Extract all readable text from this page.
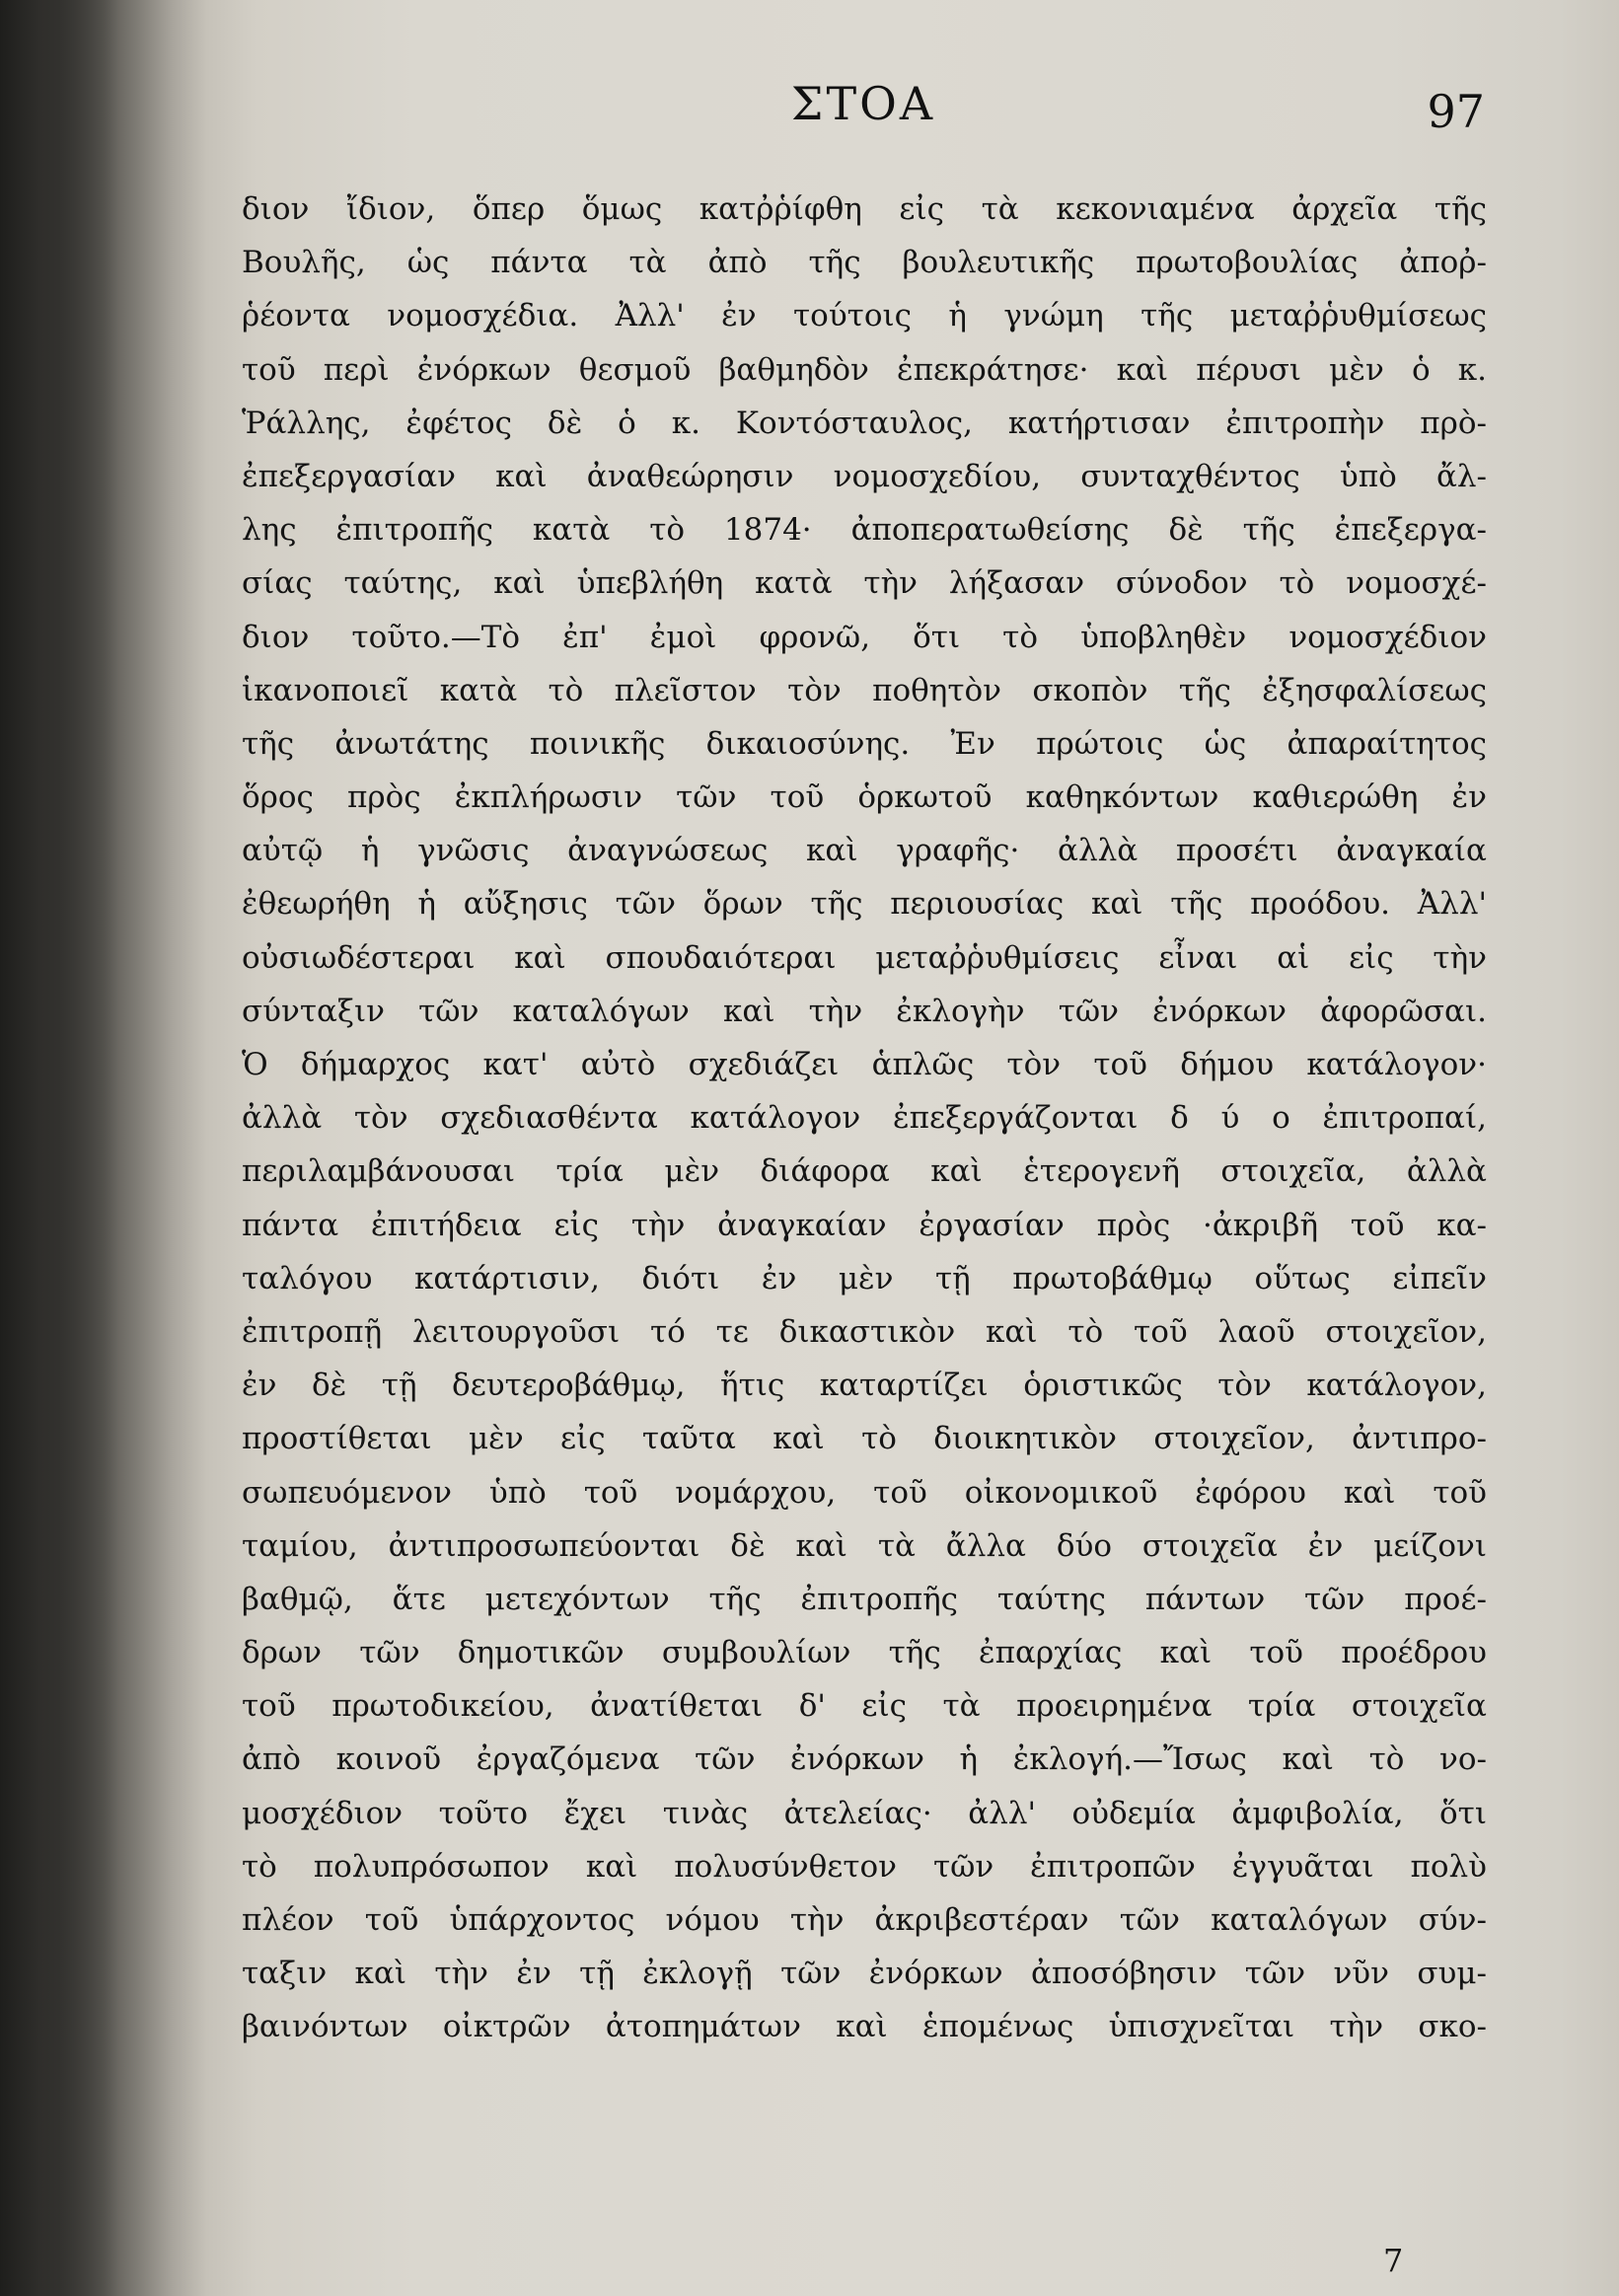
ΣΤΟΑ	97
διον ἴδιον, ὅπερ ὅμως κατῤῥίφθη εἰς τὰ κεκονιαμένα ἀρχεῖα τῆς
Βουλῆς, ὡς πάντα τὰ ἀπὸ τῆς βουλευτικῆς πρωτοβουλίας ἀποῤ-
ῥέοντα νομοσχέδια. Ἀλλ' ἐν τούτοις ἡ γνώμη τῆς μεταῤῥυθμίσεως
τοῦ περὶ ἐνόρκων θεσμοῦ βαθμηδὸν ἐπεκράτησε· καὶ πέρυσι μὲν ὁ κ.
Ῥάλλης, ἐφέτος δὲ ὁ κ. Κοντόσταυλος, κατήρτισαν ἐπιτροπὴν πρὸ-
ἐπεξεργασίαν καὶ ἀναθεώρησιν νομοσχεδίου, συνταχθέντος ὑπὸ ἄλ-
λης ἐπιτροπῆς κατὰ τὸ 1874· ἀποπερατωθείσης δὲ τῆς ἐπεξεργα-
σίας ταύτης, καὶ ὑπεβλήθη κατὰ τὴν λήξασαν σύνοδον τὸ νομοσχέ-
διον τοῦτο.—Τὸ ἐπ' ἐμοὶ φρονῶ, ὅτι τὸ ὑποβληθὲν νομοσχέδιον
ἱκανοποιεῖ κατὰ τὸ πλεῖστον τὸν ποθητὸν σκοπὸν τῆς ἐξησφαλίσεως
τῆς ἀνωτάτης ποινικῆς δικαιοσύνης. Ἐν πρώτοις ὡς ἀπαραίτητος
ὅρος πρὸς ἐκπλήρωσιν τῶν τοῦ ὁρκωτοῦ καθηκόντων καθιερώθη ἐν
αὐτῷ ἡ γνῶσις ἀναγνώσεως καὶ γραφῆς· ἀλλὰ προσέτι ἀναγκαία
ἐθεωρήθη ἡ αὔξησις τῶν ὅρων τῆς περιουσίας καὶ τῆς προόδου. Ἀλλ'
οὐσιωδέστεραι καὶ σπουδαιότεραι μεταῤῥυθμίσεις εἶναι αἱ εἰς τὴν
σύνταξιν τῶν καταλόγων καὶ τὴν ἐκλογὴν τῶν ἐνόρκων ἀφορῶσαι.
Ὁ δήμαρχος κατ' αὐτὸ σχεδιάζει ἁπλῶς τὸν τοῦ δήμου κατάλογον·
ἀλλὰ τὸν σχεδιασθέντα κατάλογον ἐπεξεργάζονται δ ύ ο ἐπιτροπαί,
περιλαμβάνουσαι τρία μὲν διάφορα καὶ ἑτερογενῆ στοιχεῖα, ἀλλὰ
πάντα ἐπιτήδεια εἰς τὴν ἀναγκαίαν ἐργασίαν πρὸς ·ἀκριβῆ τοῦ κα-
ταλόγου κατάρτισιν, διότι ἐν μὲν τῇ πρωτοβάθμῳ οὕτως εἰπεῖν
ἐπιτροπῇ λειτουργοῦσι τό τε δικαστικὸν καὶ τὸ τοῦ λαοῦ στοιχεῖον,
ἐν δὲ τῇ δευτεροβάθμῳ, ἥτις καταρτίζει ὁριστικῶς τὸν κατάλογον,
προστίθεται μὲν εἰς ταῦτα καὶ τὸ διοικητικὸν στοιχεῖον, ἀντιπρο-
σωπευόμενον ὑπὸ τοῦ νομάρχου, τοῦ οἰκονομικοῦ ἐφόρου καὶ τοῦ
ταμίου, ἀντιπροσωπεύονται δὲ καὶ τὰ ἄλλα δύο στοιχεῖα ἐν μείζονι
βαθμῷ, ἅτε μετεχόντων τῆς ἐπιτροπῆς ταύτης πάντων τῶν προέ-
δρων τῶν δημοτικῶν συμβουλίων τῆς ἐπαρχίας καὶ τοῦ προέδρου
τοῦ πρωτοδικείου, ἀνατίθεται δ' εἰς τὰ προειρημένα τρία στοιχεῖα
ἀπὸ κοινοῦ ἐργαζόμενα τῶν ἐνόρκων ἡ ἐκλογή.—Ἴσως καὶ τὸ νο-
μοσχέδιον τοῦτο ἔχει τινὰς ἀτελείας· ἀλλ' οὐδεμία ἀμφιβολία, ὅτι
τὸ πολυπρόσωπον καὶ πολυσύνθετον τῶν ἐπιτροπῶν ἐγγυᾶται πολὺ
πλέον τοῦ ὑπάρχοντος νόμου τὴν ἀκριβεστέραν τῶν καταλόγων σύν-
ταξιν καὶ τὴν ἐν τῇ ἐκλογῇ τῶν ἐνόρκων ἀποσόβησιν τῶν νῦν συμ-
βαινόντων οἰκτρῶν ἀτοπημάτων καὶ ἑπομένως ὑπισχνεῖται τὴν σκο-
7
